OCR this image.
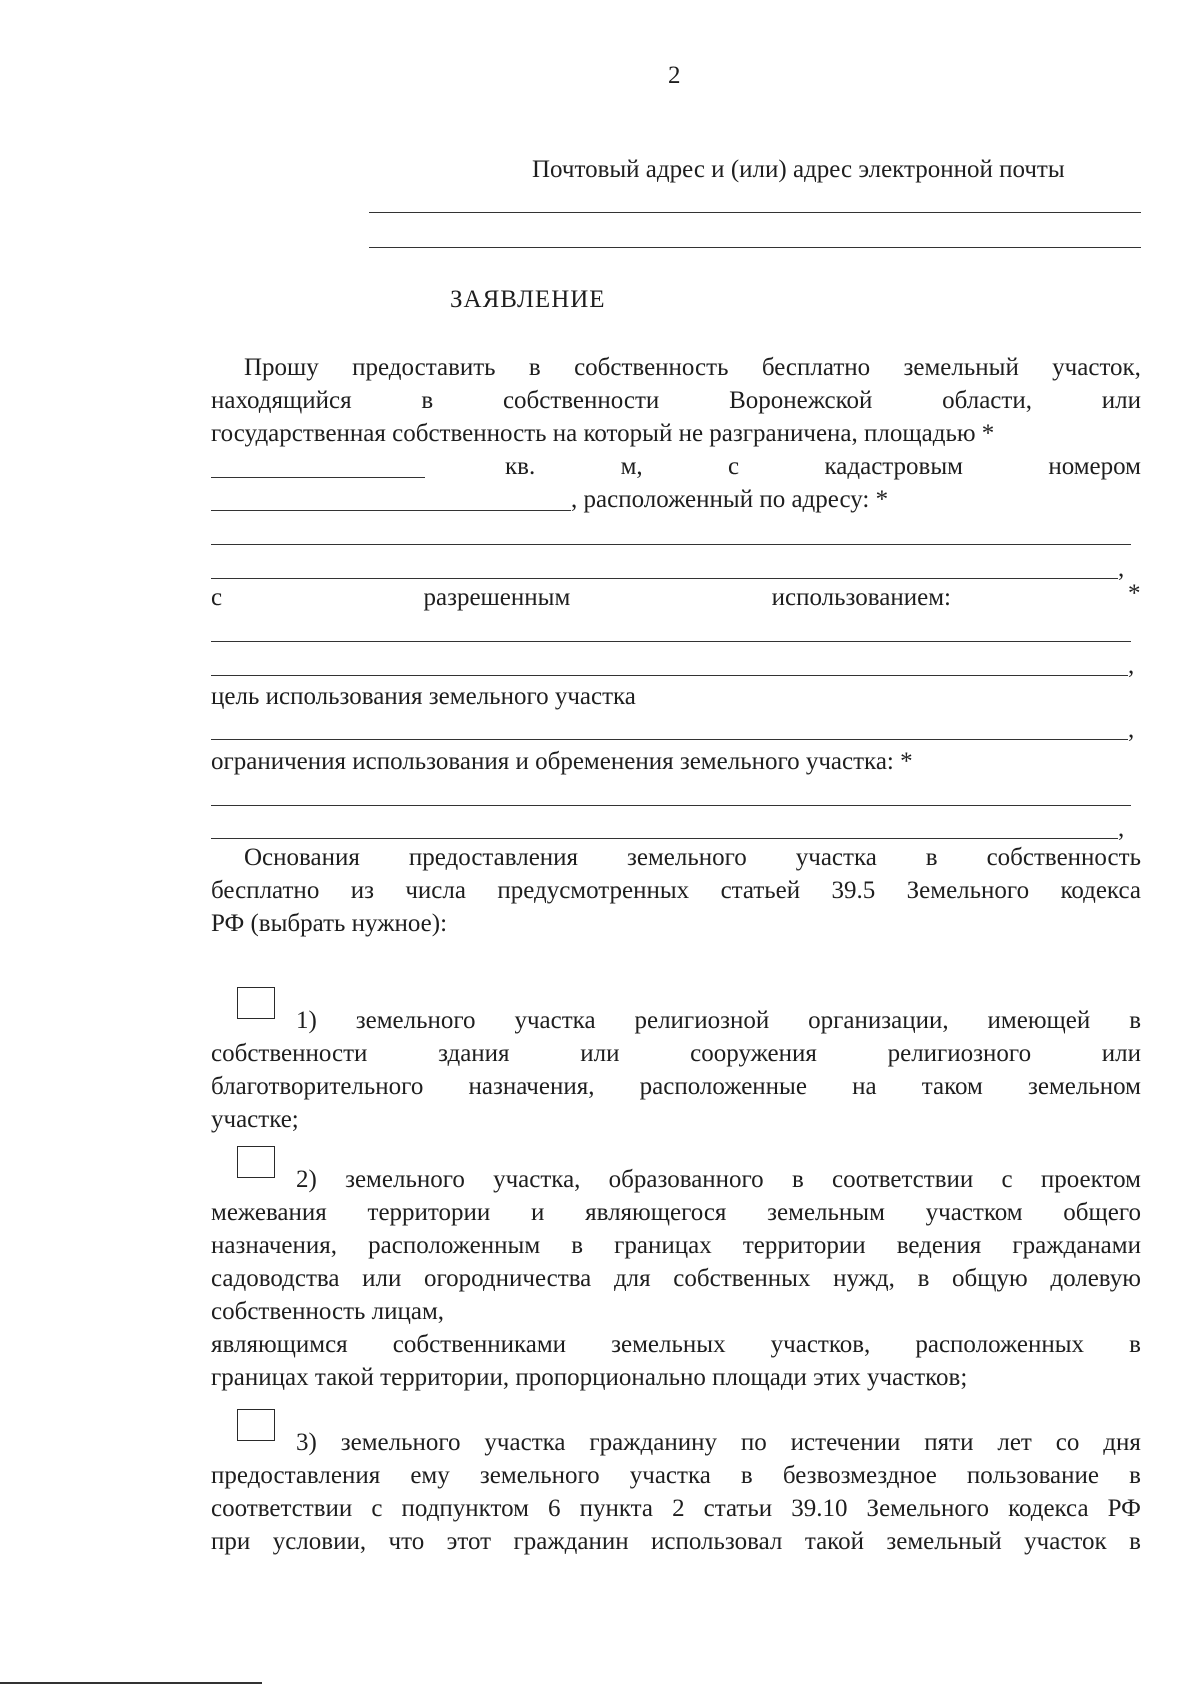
2
Почтовый адрес и (или) адрес электронной почты
ЗАЯВЛЕНИЕ
Прошу предоставить в собственность бесплатно земельный участок,
находящийся	в	собственности	Воронежской	области,	или
государственная собственность на который не разграничена, площадью *
кв.	м,	с	кадастровым	номером
, расположенный по адресу: *
,
с	разрешенным	использованием:	*
,
цель использования земельного участка
,
ограничения использования и обременения земельного участка: *
,
Основания предоставления земельного участка в собственность
бесплатно из числа предусмотренных статьей 39.5 Земельного кодекса
РФ (выбрать нужное):
1) земельного участка религиозной организации, имеющей в
собственности	здания	или	сооружения	религиозного	или
благотворительного назначения, расположенные на таком земельном
участке;
2) земельного участка, образованного в соответствии с проектом
межевания территории и являющегося земельным участком общего
назначения, расположенным в границах территории ведения гражданами
садоводства или огородничества для собственных нужд, в общую долевую
собственность лицам,
являющимся собственниками земельных участков, расположенных в
границах такой территории, пропорционально площади этих участков;
3) земельного участка гражданину по истечении пяти лет со дня
предоставления ему земельного участка в безвозмездное пользование в
соответствии с подпунктом 6 пункта 2 статьи 39.10 Земельного кодекса РФ
при условии, что этот гражданин использовал такой земельный участок в
